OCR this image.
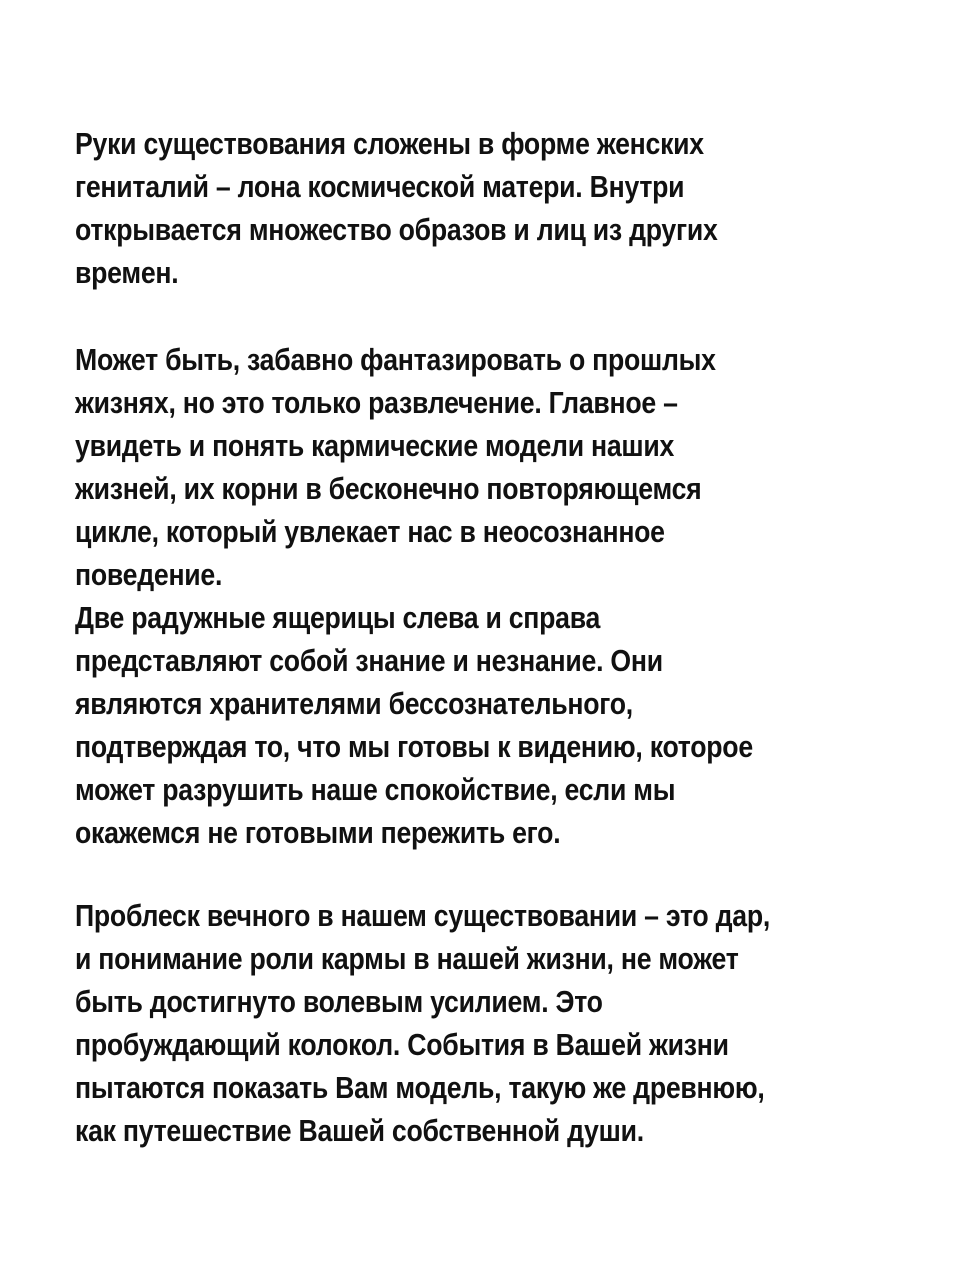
Руки существования сложены в форме женских
гениталий – лона космической матери. Внутри
открывается множество образов и лиц из других
времен.
Может быть, забавно фантазировать о прошлых
жизнях, но это только развлечение. Главное –
увидеть и понять кармические модели наших
жизней, их корни в бесконечно повторяющемся
цикле, который увлекает нас в неосознанное
поведение.
Две радужные ящерицы слева и справа
представляют собой знание и незнание. Они
являются хранителями бессознательного,
подтверждая то, что мы готовы к видению, которое
может разрушить наше спокойствие, если мы
окажемся не готовыми пережить его.
Проблеск вечного в нашем существовании – это дар,
и понимание роли кармы в нашей жизни, не может
быть достигнуто волевым усилием. Это
пробуждающий колокол. События в Вашей жизни
пытаются показать Вам модель, такую же древнюю,
как путешествие Вашей собственной души.
